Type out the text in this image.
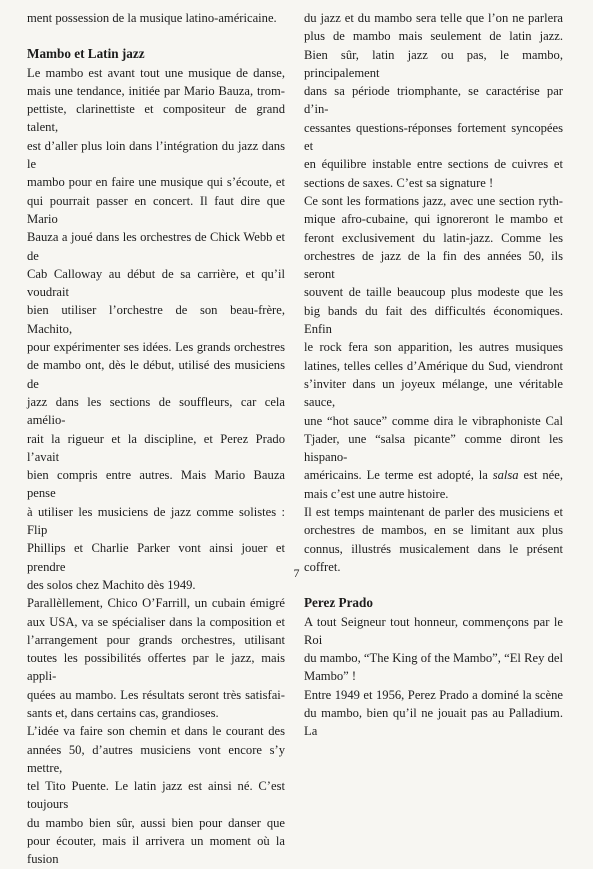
ment possession de la musique latino-américaine.
Mambo et Latin jazz
Le mambo est avant tout une musique de danse,
mais une tendance, initiée par Mario Bauza, trom-
pettiste, clarinettiste et compositeur de grand talent,
est d’aller plus loin dans l’intégration du jazz dans le
mambo pour en faire une musique qui s’écoute, et
qui pourrait passer en concert. Il faut dire que Mario
Bauza a joué dans les orchestres de Chick Webb et de
Cab Calloway au début de sa carrière, et qu’il voudrait
bien utiliser l’orchestre de son beau-frère, Machito,
pour expérimenter ses idées. Les grands orchestres
de mambo ont, dès le début, utilisé des musiciens de
jazz dans les sections de souffleurs, car cela amélio-
rait la rigueur et la discipline, et Perez Prado l’avait
bien compris entre autres. Mais Mario Bauza pense
à utiliser les musiciens de jazz comme solistes : Flip
Phillips et Charlie Parker vont ainsi jouer et prendre
des solos chez Machito dès 1949.
Parallèllement, Chico O’Farrill, un cubain émigré
aux USA, va se spécialiser dans la composition et
l’arrangement pour grands orchestres, utilisant
toutes les possibilités offertes par le jazz, mais appli-
quées au mambo. Les résultats seront très satisfai-
sants et, dans certains cas, grandioses.
L’idée va faire son chemin et dans le courant des
années 50, d’autres musiciens vont encore s’y mettre,
tel Tito Puente. Le latin jazz est ainsi né. C’est toujours
du mambo bien sûr, aussi bien pour danser que
pour écouter, mais il arrivera un moment où la fusion
du jazz et du mambo sera telle que l’on ne parlera
plus de mambo mais seulement de latin jazz.
Bien sûr, latin jazz ou pas, le mambo, principalement
dans sa période triomphante, se caractérise par d’in-
cessantes questions-réponses fortement syncopées et
en équilibre instable entre sections de cuivres et
sections de saxes. C’est sa signature !
Ce sont les formations jazz, avec une section ryth-
mique afro-cubaine, qui ignoreront le mambo et
feront exclusivement du latin-jazz. Comme les
orchestres de jazz de la fin des années 50, ils seront
souvent de taille beaucoup plus modeste que les
big bands du fait des difficultés économiques. Enfin
le rock fera son apparition, les autres musiques
latines, telles celles d’Amérique du Sud, viendront
s’inviter dans un joyeux mélange, une véritable sauce,
une “hot sauce” comme dira le vibraphoniste Cal
Tjader, une “salsa picante” comme diront les hispano-
américains. Le terme est adopté, la salsa est née,
mais c’est une autre histoire.
Il est temps maintenant de parler des musiciens et
orchestres de mambos, en se limitant aux plus
connus, illustrés musicalement dans le présent
coffret.
Perez Prado
A tout Seigneur tout honneur, commençons par le Roi
du mambo, “The King of the Mambo”, “El Rey del
Mambo” !
Entre 1949 et 1956, Perez Prado a dominé la scène
du mambo, bien qu’il ne jouait pas au Palladium. La
7
